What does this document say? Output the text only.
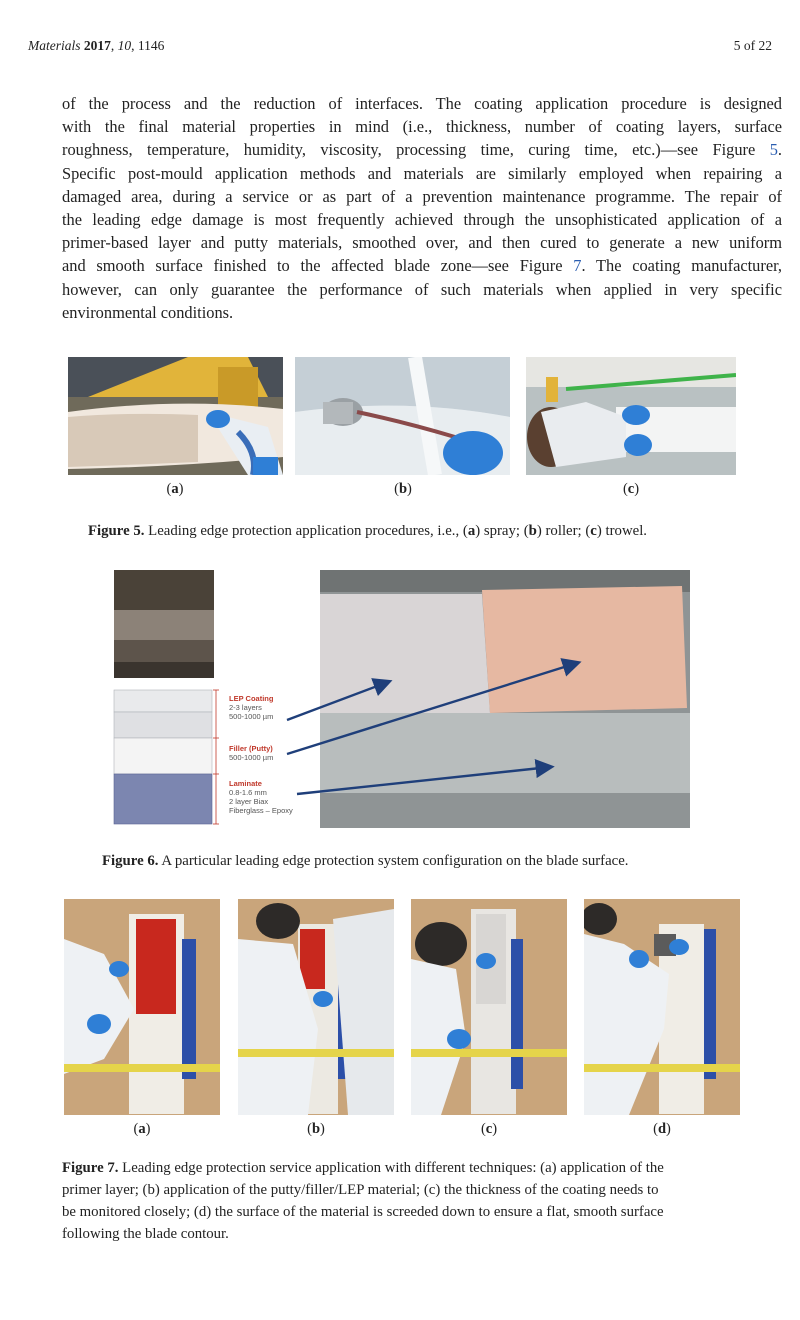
Materials 2017, 10, 1146	5 of 22
of the process and the reduction of interfaces. The coating application procedure is designed
with the final material properties in mind (i.e., thickness, number of coating layers, surface
roughness, temperature, humidity, viscosity, processing time, curing time, etc.)—see Figure 5.
Specific post-mould application methods and materials are similarly employed when repairing a
damaged area, during a service or as part of a prevention maintenance programme. The repair of
the leading edge damage is most frequently achieved through the unsophisticated application of a
primer-based layer and putty materials, smoothed over, and then cured to generate a new uniform
and smooth surface finished to the affected blade zone—see Figure 7. The coating manufacturer,
however, can only guarantee the performance of such materials when applied in very specific
environmental conditions.
(a)	(b)	(c)
Figure 5. Leading edge protection application procedures, i.e., (a) spray; (b) roller; (c) trowel.
LEP Coating
2-3 layers
500-1000 µm
Filler (Putty)
500-1000 µm
Laminate
0.8-1.6 mm
2 layer Biax
Fiberglass – Epoxy
Figure 6. A particular leading edge protection system configuration on the blade surface.
(a)	(b)	(c)	(d)
Figure 7. Leading edge protection service application with different techniques: (a) application of the
primer layer; (b) application of the putty/filler/LEP material; (c) the thickness of the coating needs to
be monitored closely; (d) the surface of the material is screeded down to ensure a flat, smooth surface
following the blade contour.
